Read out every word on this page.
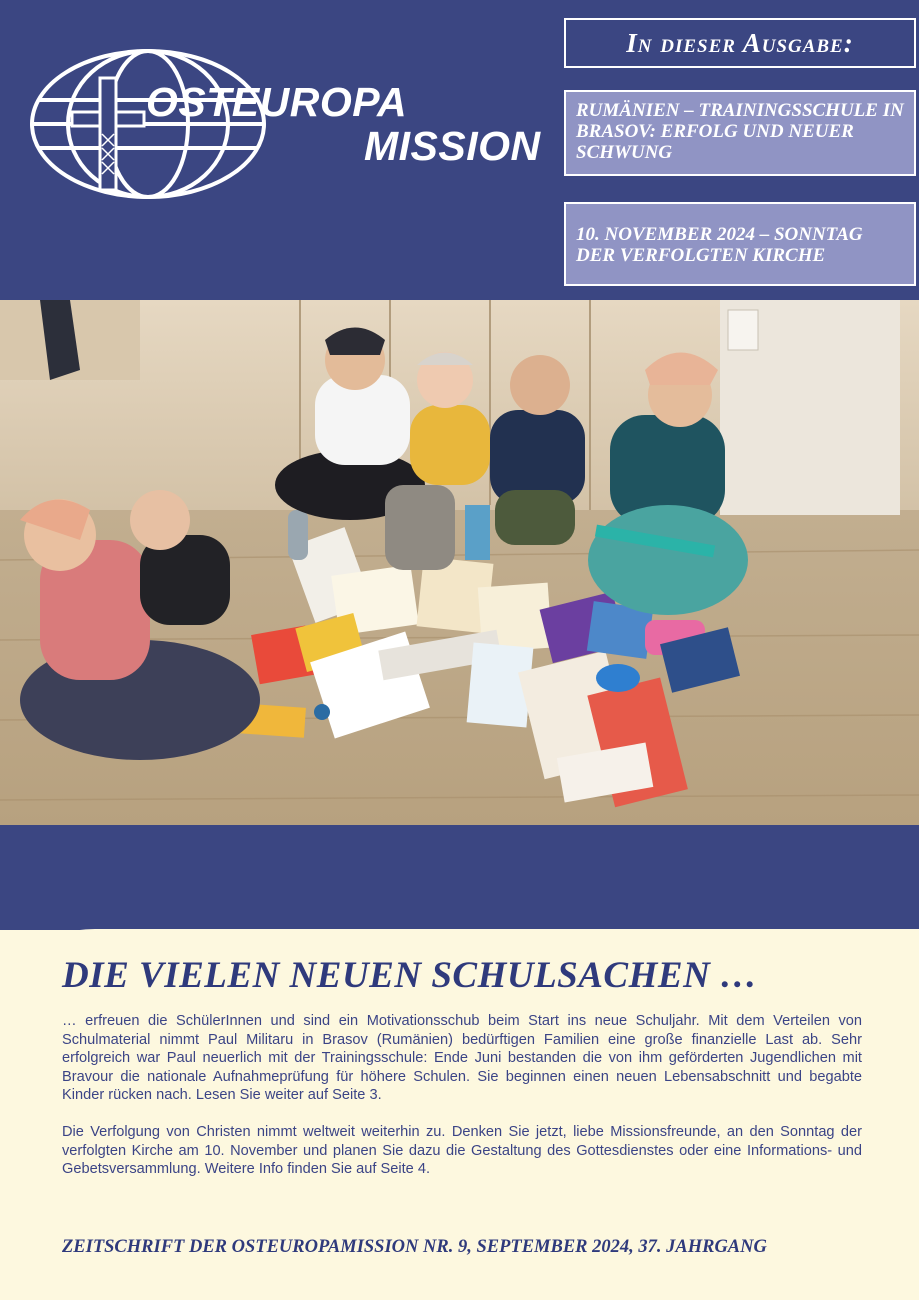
OSTEUROPA
MISSION
In dieser Ausgabe:
RUMÄNIEN – TRAININGSSCHULE IN BRASOV: ERFOLG UND NEUER SCHWUNG
10. NOVEMBER 2024 – SONNTAG DER VERFOLGTEN KIRCHE
DIE VIELEN NEUEN SCHULSACHEN …

… erfreuen die SchülerInnen und sind ein Motivationsschub beim Start ins neue Schuljahr. Mit dem Verteilen von Schulmaterial nimmt Paul Militaru in Brasov (Rumänien) bedürftigen Familien eine große finanzielle Last ab. Sehr erfolgreich war Paul neuerlich mit der Trainingsschule: Ende Juni bestanden die von ihm geförderten Jugendlichen mit Bravour die nationale Aufnahmeprüfung für höhere Schulen. Sie beginnen einen neuen Lebensabschnitt und begabte Kinder rücken nach. Lesen Sie weiter auf Seite 3.

Die Verfolgung von Christen nimmt weltweit weiterhin zu. Denken Sie jetzt, liebe Missionsfreunde, an den Sonntag der verfolgten Kirche am 10. November und planen Sie dazu die Gestaltung des Gottesdienstes oder eine Informations- und Gebetsversammlung. Weitere Info finden Sie auf Seite 4.

ZEITSCHRIFT DER OSTEUROPAMISSION NR. 9, SEPTEMBER 2024, 37. JAHRGANG
